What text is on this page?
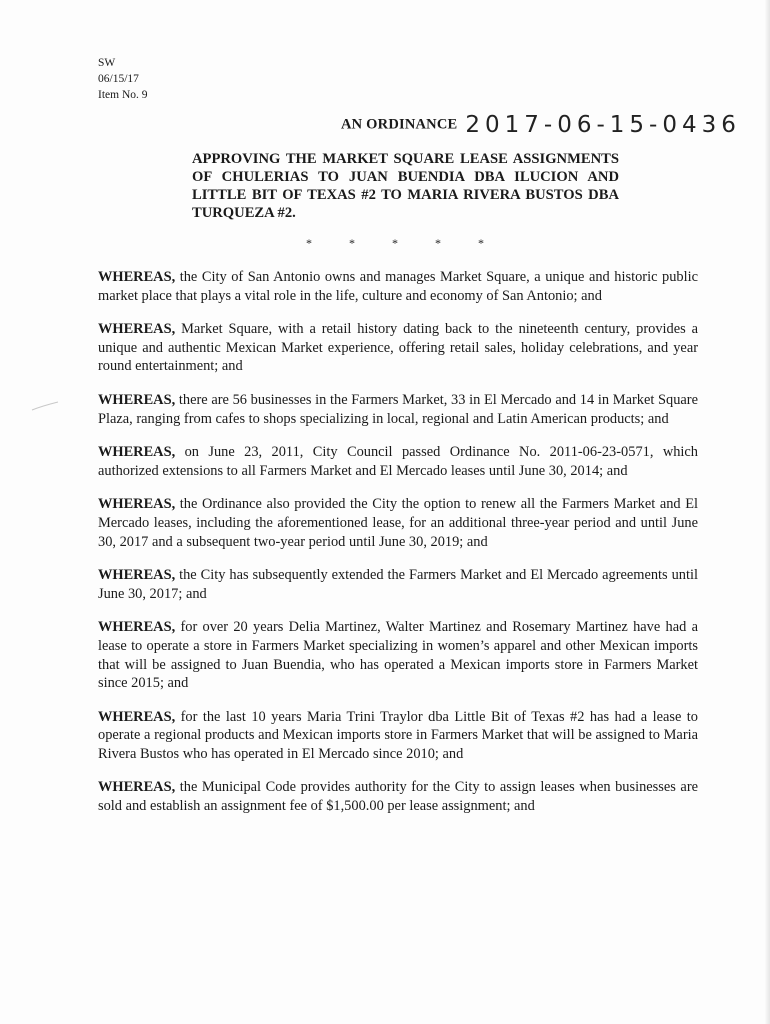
SW
06/15/17
Item No. 9
AN ORDINANCE 2017-06-15-0436
APPROVING THE MARKET SQUARE LEASE ASSIGNMENTS OF CHULERIAS TO JUAN BUENDIA DBA ILUCION AND LITTLE BIT OF TEXAS #2 TO MARIA RIVERA BUSTOS DBA TURQUEZA #2.
*	*	*	*	*

WHEREAS, the City of San Antonio owns and manages Market Square, a unique and historic public market place that plays a vital role in the life, culture and economy of San Antonio; and

WHEREAS, Market Square, with a retail history dating back to the nineteenth century, provides a unique and authentic Mexican Market experience, offering retail sales, holiday celebrations, and year round entertainment; and

WHEREAS, there are 56 businesses in the Farmers Market, 33 in El Mercado and 14 in Market Square Plaza, ranging from cafes to shops specializing in local, regional and Latin American products; and

WHEREAS, on June 23, 2011, City Council passed Ordinance No. 2011-06-23-0571, which authorized extensions to all Farmers Market and El Mercado leases until June 30, 2014; and

WHEREAS, the Ordinance also provided the City the option to renew all the Farmers Market and El Mercado leases, including the aforementioned lease, for an additional three-year period and until June 30, 2017 and a subsequent two-year period until June 30, 2019; and

WHEREAS, the City has subsequently extended the Farmers Market and El Mercado agreements until June 30, 2017; and

WHEREAS, for over 20 years Delia Martinez, Walter Martinez and Rosemary Martinez have had a lease to operate a store in Farmers Market specializing in women’s apparel and other Mexican imports that will be assigned to Juan Buendia, who has operated a Mexican imports store in Farmers Market since 2015; and

WHEREAS, for the last 10 years Maria Trini Traylor dba Little Bit of Texas #2 has had a lease to operate a regional products and Mexican imports store in Farmers Market that will be assigned to Maria Rivera Bustos who has operated in El Mercado since 2010; and

WHEREAS, the Municipal Code provides authority for the City to assign leases when businesses are sold and establish an assignment fee of $1,500.00 per lease assignment; and
